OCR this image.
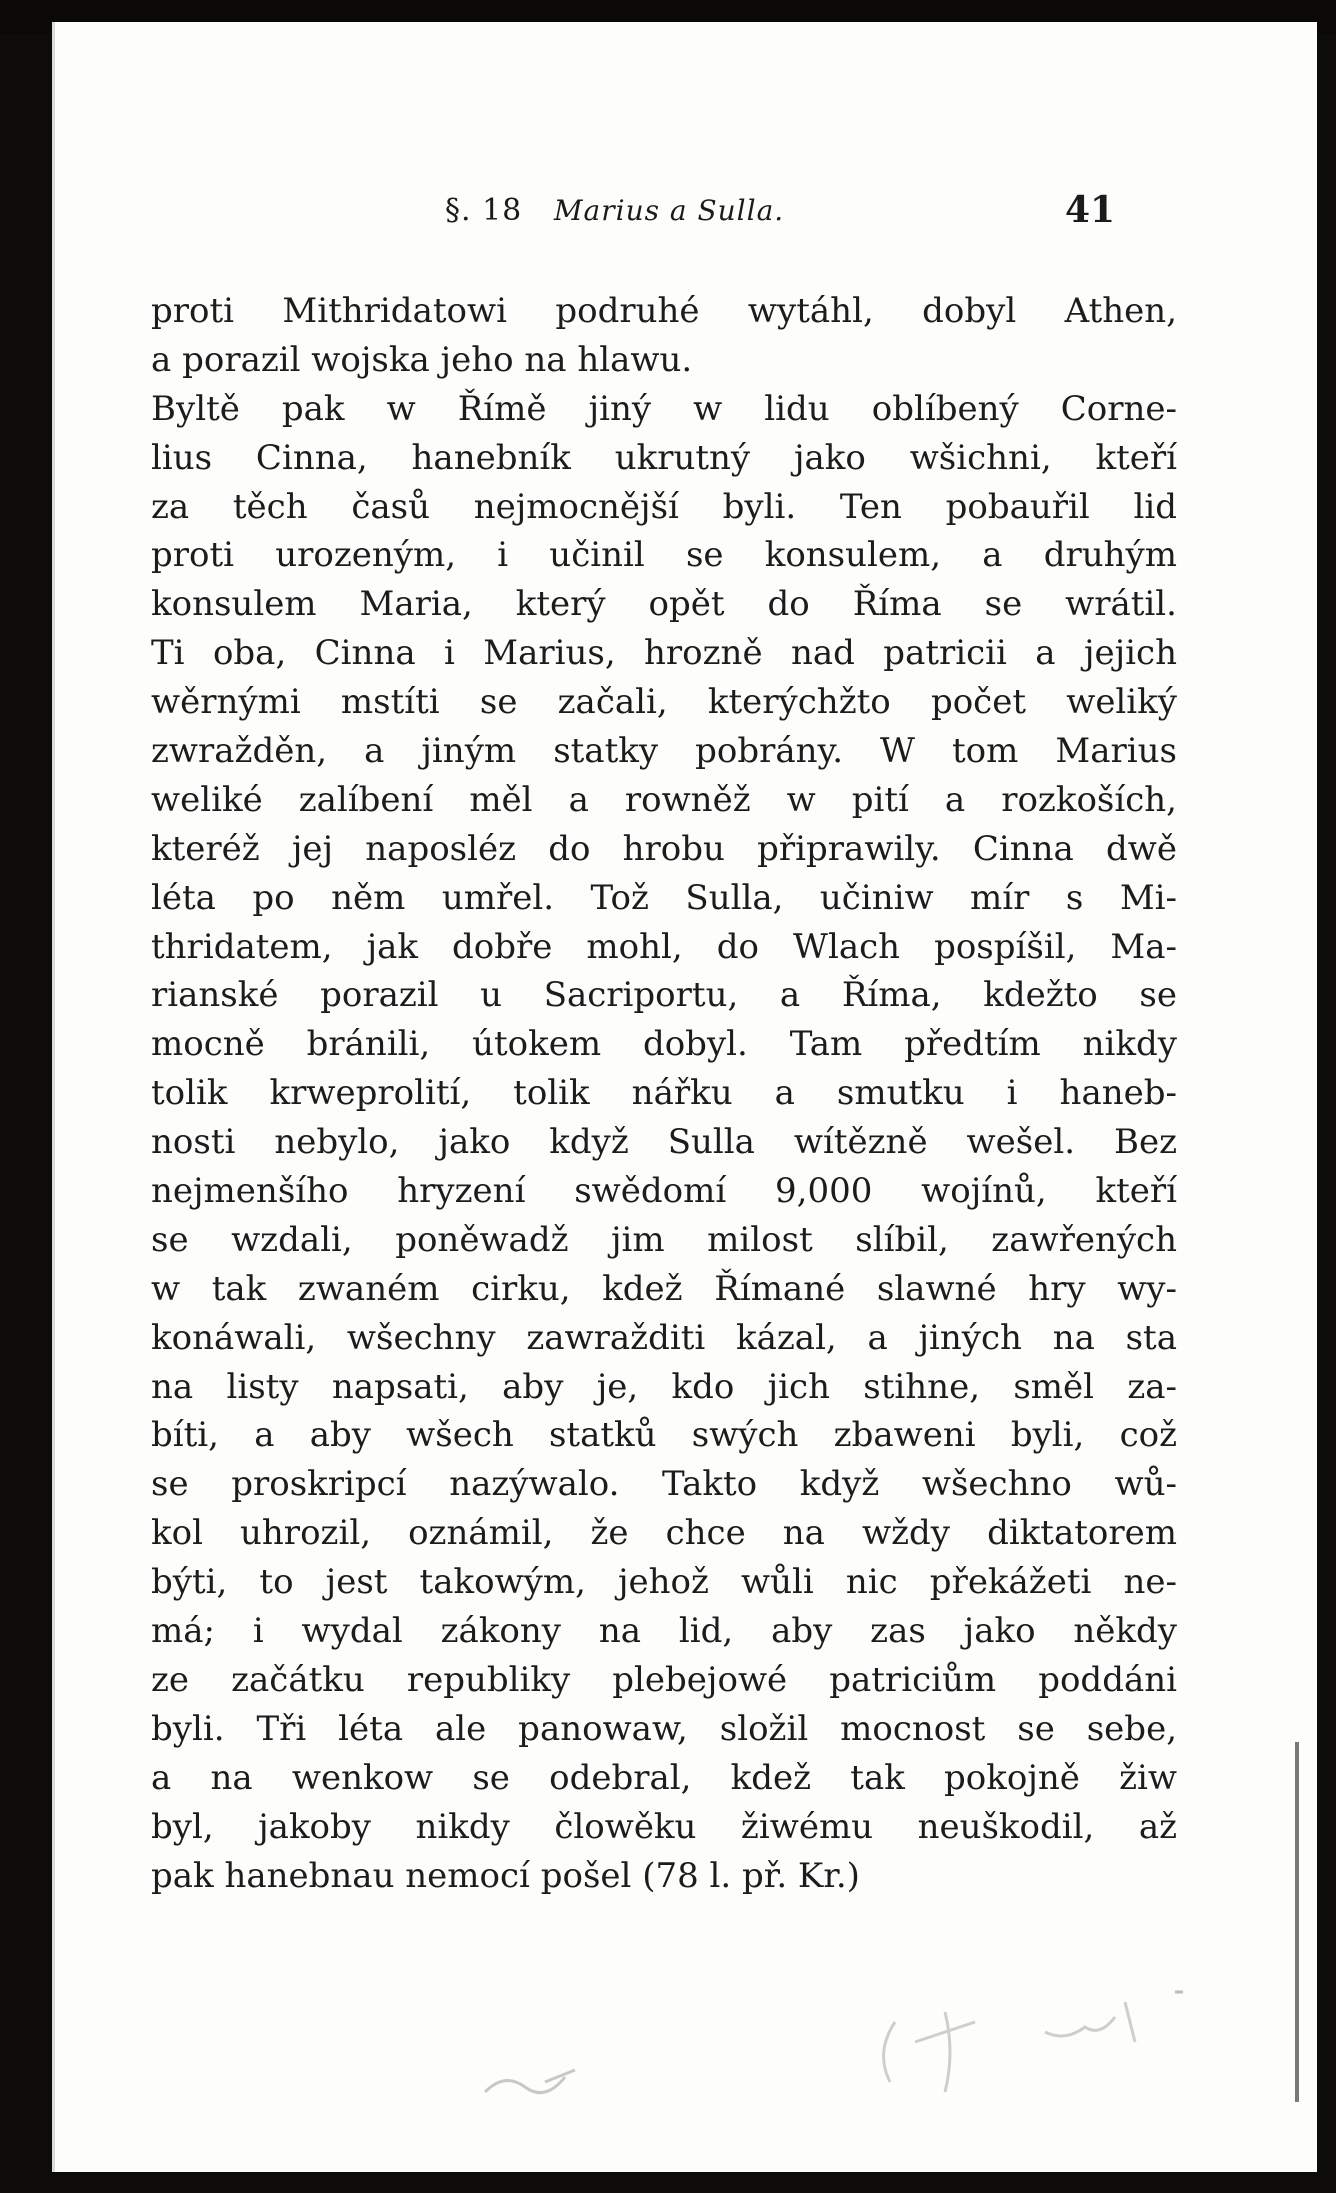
§. 18 Marius a Sulla.	41
proti Mithridatowi podruhé wytáhl, dobyl Athen,
a porazil wojska jeho na hlawu.
Byltě pak w Římě jiný w lidu oblíbený Corne-
lius Cinna, hanebník ukrutný jako wšichni, kteří
za těch časů nejmocnější byli. Ten pobauřil lid
proti urozeným, i učinil se konsulem, a druhým
konsulem Maria, který opět do Říma se wrátil.
Ti oba, Cinna i Marius, hrozně nad patricii a jejich
wěrnými mstíti se začali, kterýchžto počet weliký
zwražděn, a jiným statky pobrány. W tom Marius
weliké zalíbení měl a rowněž w pití a rozkoších,
kteréž jej naposléz do hrobu připrawily. Cinna dwě
léta po něm umřel. Tož Sulla, učiniw mír s Mi-
thridatem, jak dobře mohl, do Wlach pospíšil, Ma-
rianské porazil u Sacriportu, a Říma, kdežto se
mocně bránili, útokem dobyl. Tam předtím nikdy
tolik krweprolití, tolik nářku a smutku i haneb-
nosti nebylo, jako když Sulla wítězně wešel. Bez
nejmenšího hryzení swědomí 9,000 wojínů, kteří
se wzdali, poněwadž jim milost slíbil, zawřených
w tak zwaném cirku, kdež Římané slawné hry wy-
konáwali, wšechny zawražditi kázal, a jiných na sta
na listy napsati, aby je, kdo jich stihne, směl za-
bíti, a aby wšech statků swých zbaweni byli, což
se proskripcí nazýwalo. Takto když wšechno wů-
kol uhrozil, oznámil, že chce na wždy diktatorem
býti, to jest takowým, jehož wůli nic překážeti ne-
má; i wydal zákony na lid, aby zas jako někdy
ze začátku republiky plebejowé patriciům poddáni
byli. Tři léta ale panowaw, složil mocnost se sebe,
a na wenkow se odebral, kdež tak pokojně žiw
byl, jakoby nikdy člowěku žiwému neuškodil, až
pak hanebnau nemocí pošel (78 l. př. Kr.)
